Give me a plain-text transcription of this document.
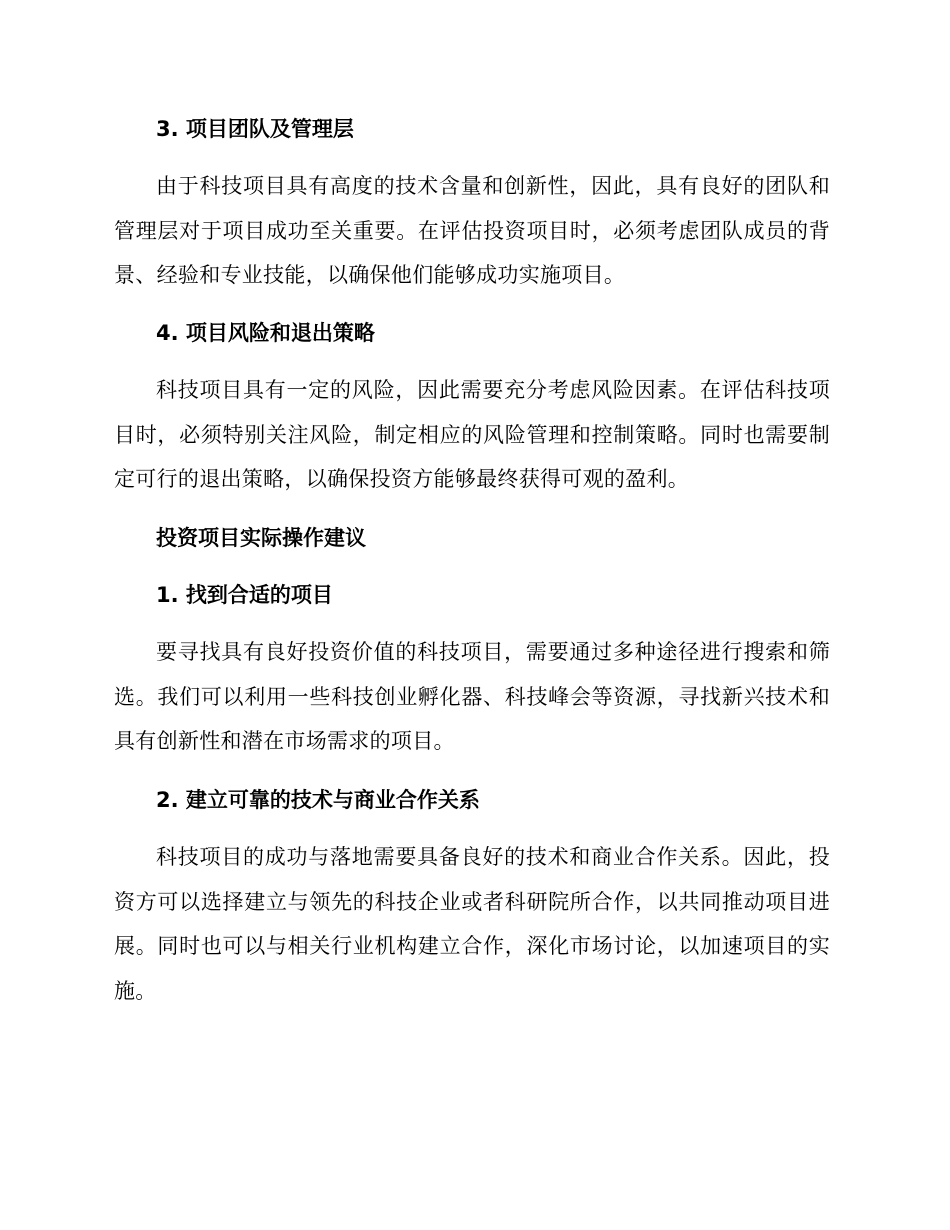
3. 项目团队及管理层

由于科技项目具有高度的技术含量和创新性，因此，具有良好的团队和管理层对于项目成功至关重要。在评估投资项目时，必须考虑团队成员的背景、经验和专业技能，以确保他们能够成功实施项目。

4. 项目风险和退出策略

科技项目具有一定的风险，因此需要充分考虑风险因素。在评估科技项目时，必须特别关注风险，制定相应的风险管理和控制策略。同时也需要制定可行的退出策略，以确保投资方能够最终获得可观的盈利。

投资项目实际操作建议
1. 找到合适的项目

要寻找具有良好投资价值的科技项目，需要通过多种途径进行搜索和筛选。我们可以利用一些科技创业孵化器、科技峰会等资源，寻找新兴技术和具有创新性和潜在市场需求的项目。

2. 建立可靠的技术与商业合作关系

科技项目的成功与落地需要具备良好的技术和商业合作关系。因此，投资方可以选择建立与领先的科技企业或者科研院所合作，以共同推动项目进展。同时也可以与相关行业机构建立合作，深化市场讨论，以加速项目的实施。
